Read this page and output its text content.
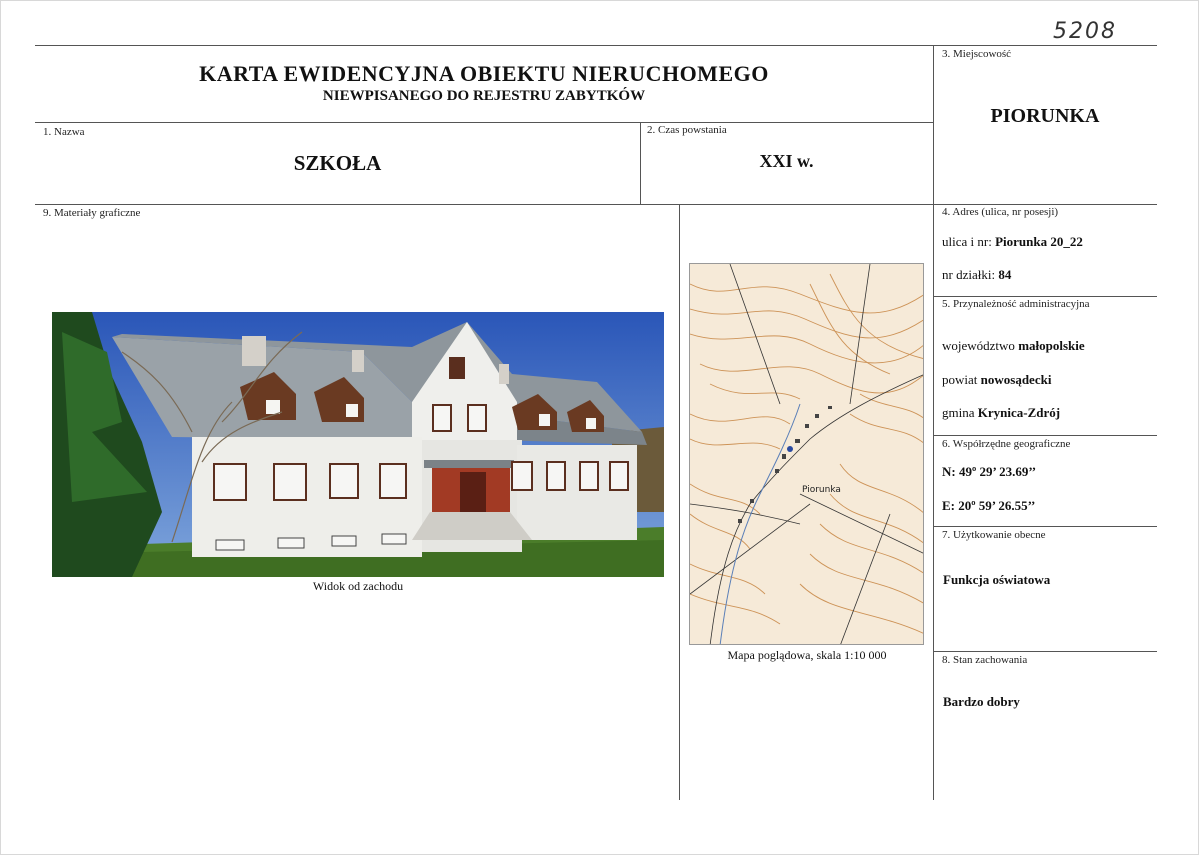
5208
KARTA EWIDENCYJNA OBIEKTU NIERUCHOMEGO
NIEWPISANEGO DO REJESTRU ZABYTKÓW
1. Nazwa
SZKOŁA
2. Czas powstania
XXI w.
3. Miejscowość
PIORUNKA
4. Adres (ulica, nr posesji)
ulica i nr: Piorunka 20_22
nr działki: 84
5. Przynależność administracyjna
województwo małopolskie
powiat nowosądecki
gmina Krynica-Zdrój
6. Współrzędne geograficzne
N: 49º 29’ 23.69’’
E: 20º 59’ 26.55’’
7. Użytkowanie obecne
Funkcja oświatowa
8. Stan zachowania
Bardzo dobry
9. Materiały graficzne
Widok od zachodu
Piorunka
Mapa poglądowa, skala 1:10 000
